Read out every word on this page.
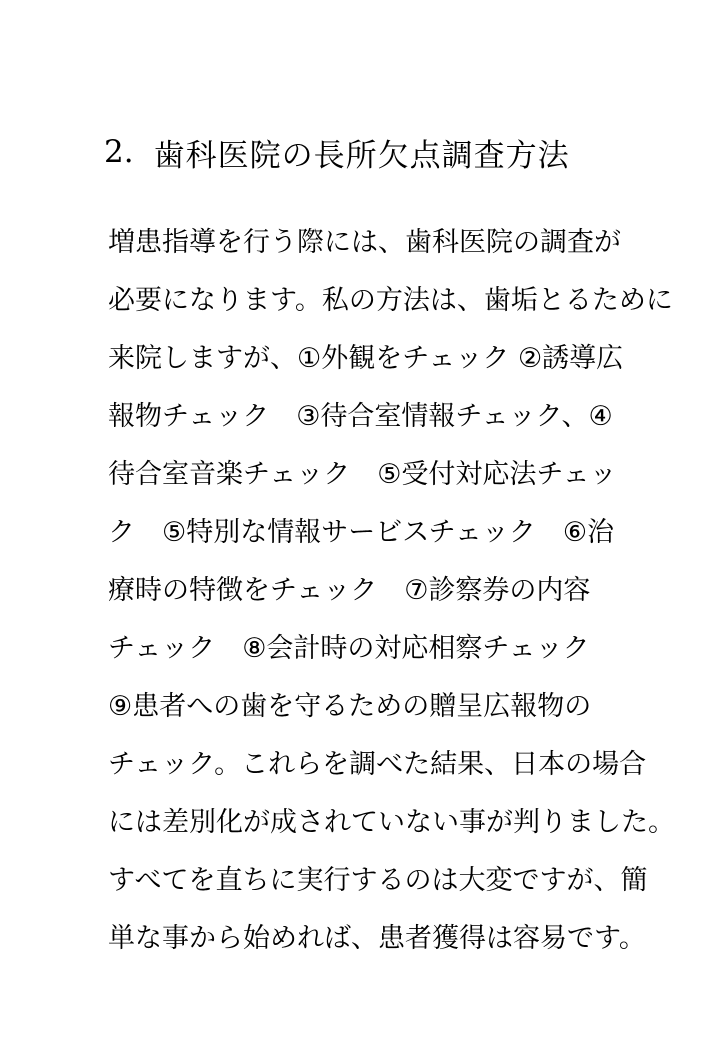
2. 歯科医院の長所欠点調査方法
増患指導を行う際には、歯科医院の調査が
必要になります。私の方法は、歯垢とるために
来院しますが、①外観をチェック ②誘導広
報物チェック　③待合室情報チェック、④
待合室音楽チェック　⑤受付対応法チェッ
ク　⑤特別な情報サービスチェック　⑥治
療時の特徴をチェック　⑦診察券の内容
チェック　⑧会計時の対応相察チェック
⑨患者への歯を守るための贈呈広報物の
チェック。これらを調べた結果、日本の場合
には差別化が成されていない事が判りました。
すべてを直ちに実行するのは大変ですが、簡
単な事から始めれば、患者獲得は容易です。
